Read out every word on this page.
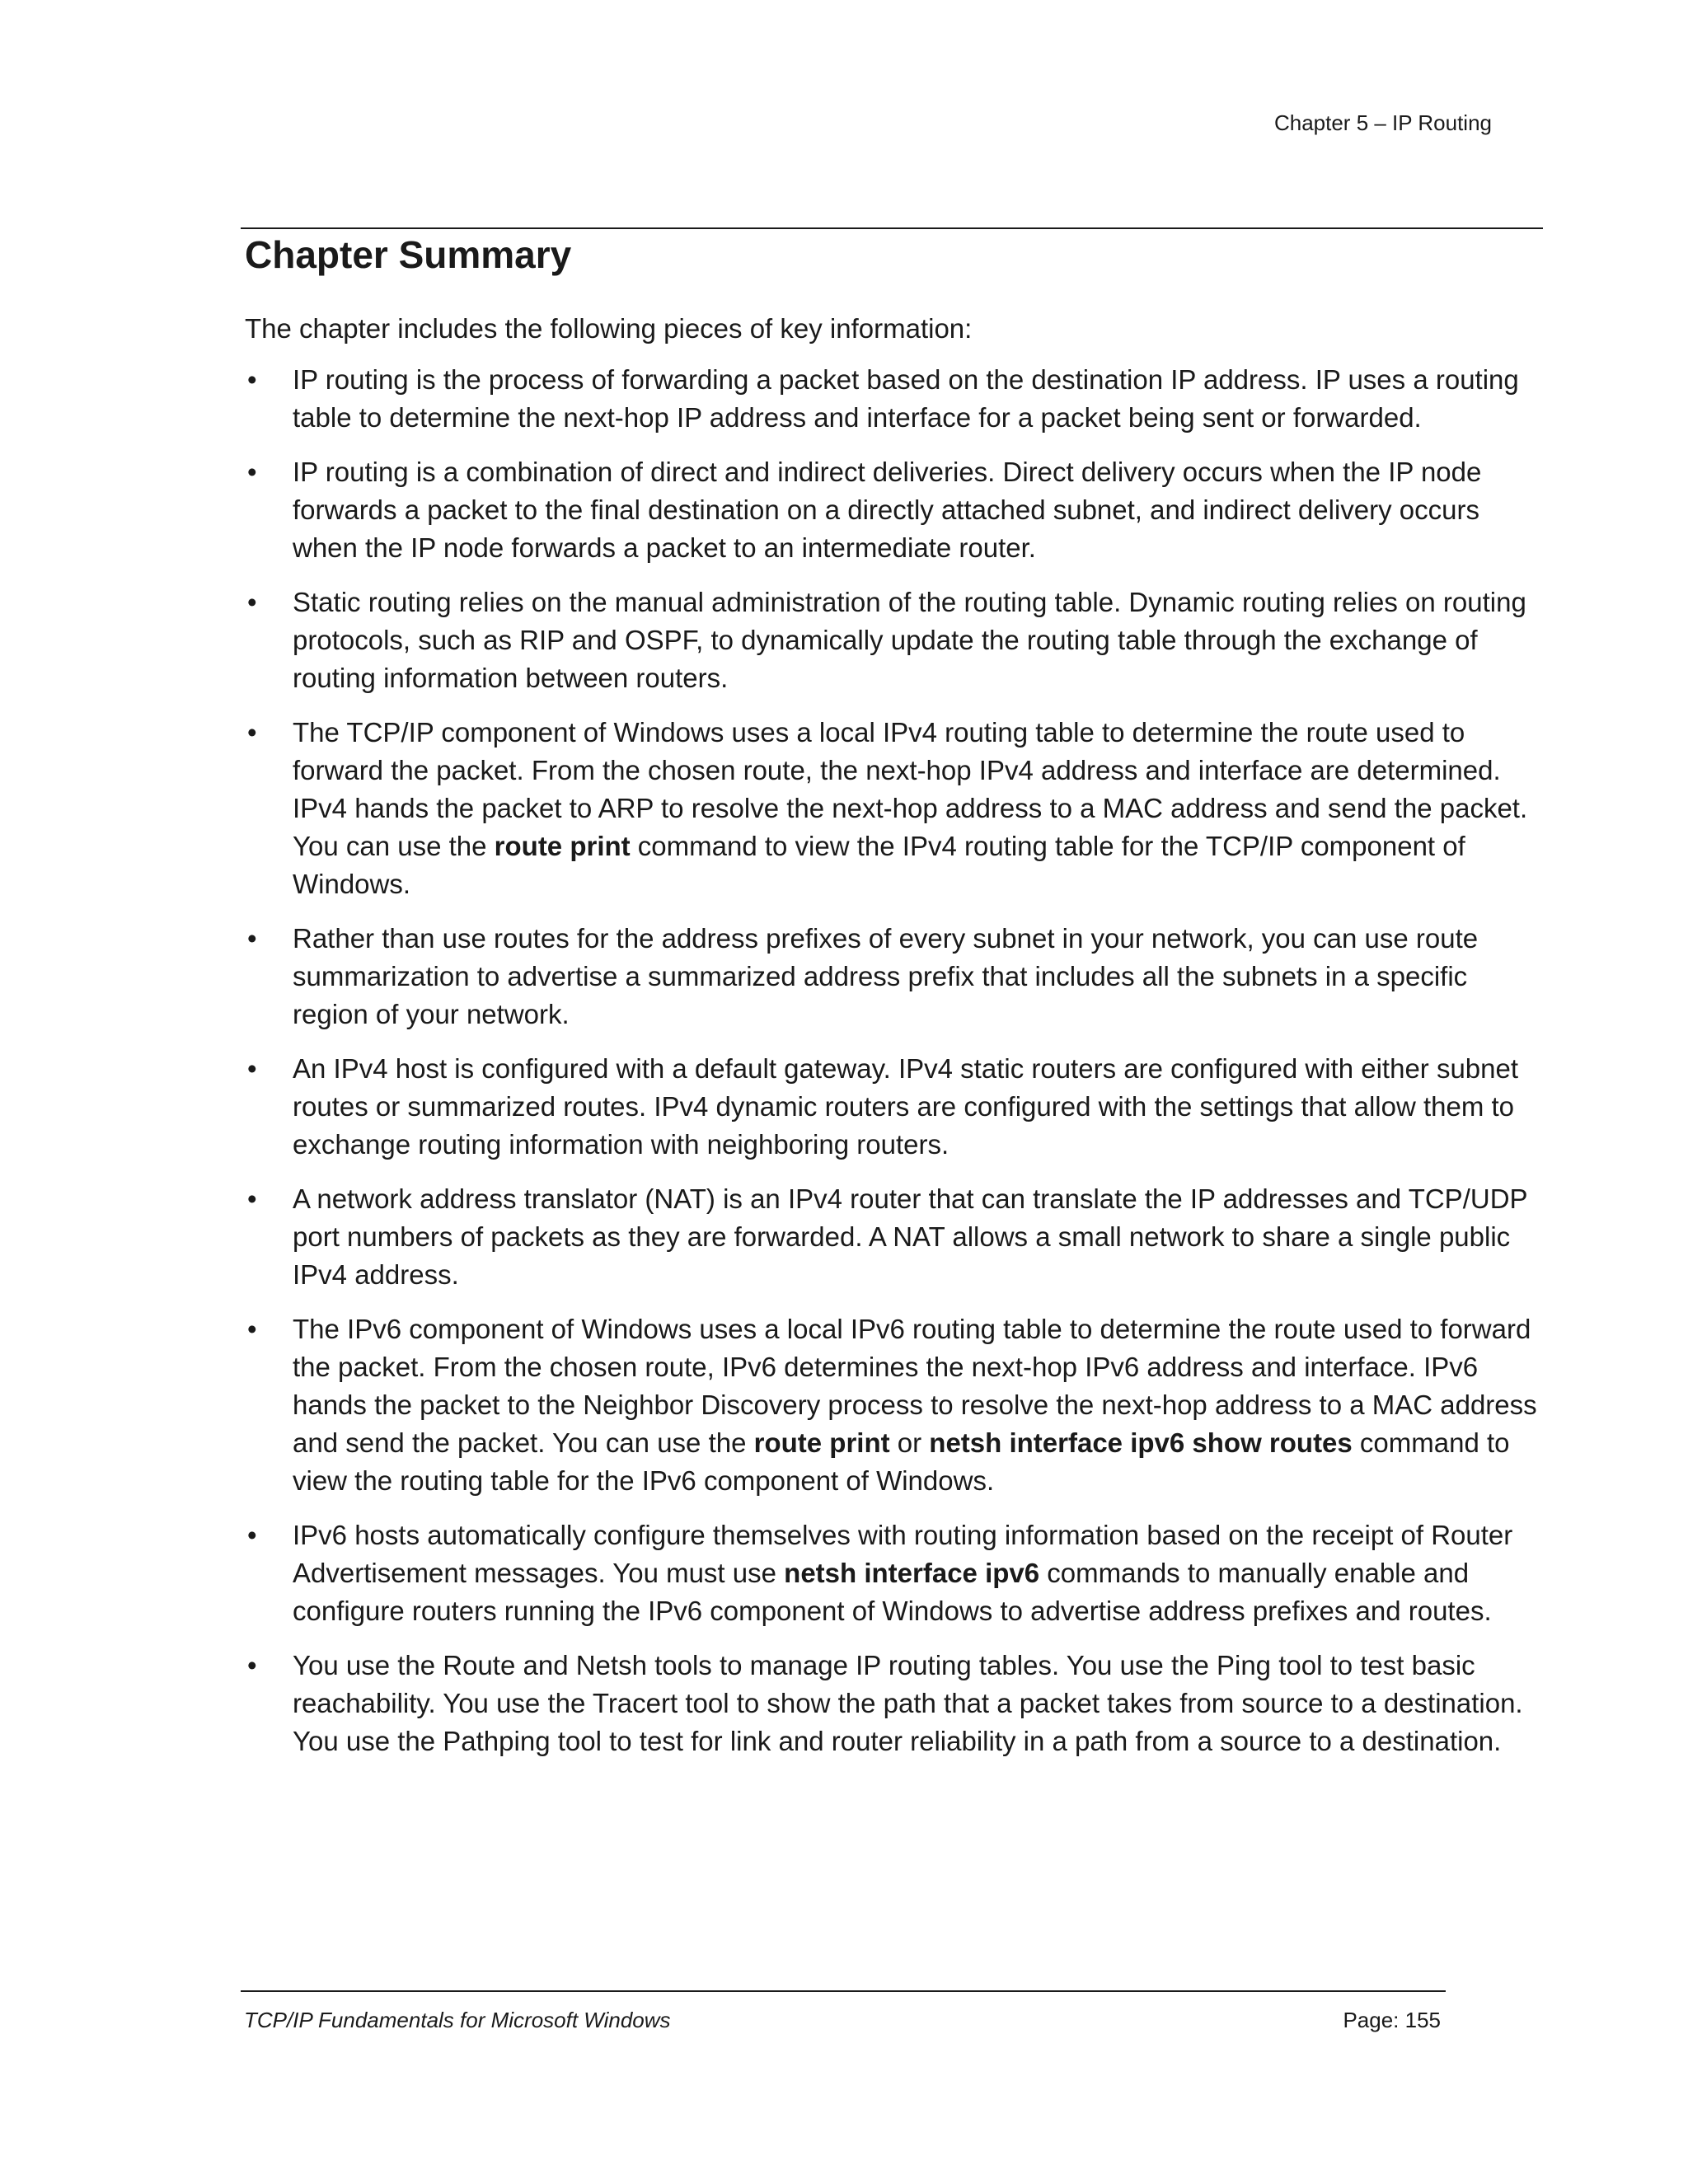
Chapter 5 – IP Routing
Chapter Summary

The chapter includes the following pieces of key information:

• IP routing is the process of forwarding a packet based on the destination IP address. IP uses a routing table to determine the next-hop IP address and interface for a packet being sent or forwarded.
• IP routing is a combination of direct and indirect deliveries. Direct delivery occurs when the IP node forwards a packet to the final destination on a directly attached subnet, and indirect delivery occurs when the IP node forwards a packet to an intermediate router.
• Static routing relies on the manual administration of the routing table. Dynamic routing relies on routing protocols, such as RIP and OSPF, to dynamically update the routing table through the exchange of routing information between routers.
• The TCP/IP component of Windows uses a local IPv4 routing table to determine the route used to forward the packet. From the chosen route, the next-hop IPv4 address and interface are determined. IPv4 hands the packet to ARP to resolve the next-hop address to a MAC address and send the packet. You can use the route print command to view the IPv4 routing table for the TCP/IP component of Windows.
• Rather than use routes for the address prefixes of every subnet in your network, you can use route summarization to advertise a summarized address prefix that includes all the subnets in a specific region of your network.
• An IPv4 host is configured with a default gateway. IPv4 static routers are configured with either subnet routes or summarized routes. IPv4 dynamic routers are configured with the settings that allow them to exchange routing information with neighboring routers.
• A network address translator (NAT) is an IPv4 router that can translate the IP addresses and TCP/UDP port numbers of packets as they are forwarded. A NAT allows a small network to share a single public IPv4 address.
• The IPv6 component of Windows uses a local IPv6 routing table to determine the route used to forward the packet. From the chosen route, IPv6 determines the next-hop IPv6 address and interface. IPv6 hands the packet to the Neighbor Discovery process to resolve the next-hop address to a MAC address and send the packet. You can use the route print or netsh interface ipv6 show routes command to view the routing table for the IPv6 component of Windows.
• IPv6 hosts automatically configure themselves with routing information based on the receipt of Router Advertisement messages. You must use netsh interface ipv6 commands to manually enable and configure routers running the IPv6 component of Windows to advertise address prefixes and routes.
• You use the Route and Netsh tools to manage IP routing tables. You use the Ping tool to test basic reachability. You use the Tracert tool to show the path that a packet takes from source to a destination. You use the Pathping tool to test for link and router reliability in a path from a source to a destination.
TCP/IP Fundamentals for Microsoft Windows	Page: 155
